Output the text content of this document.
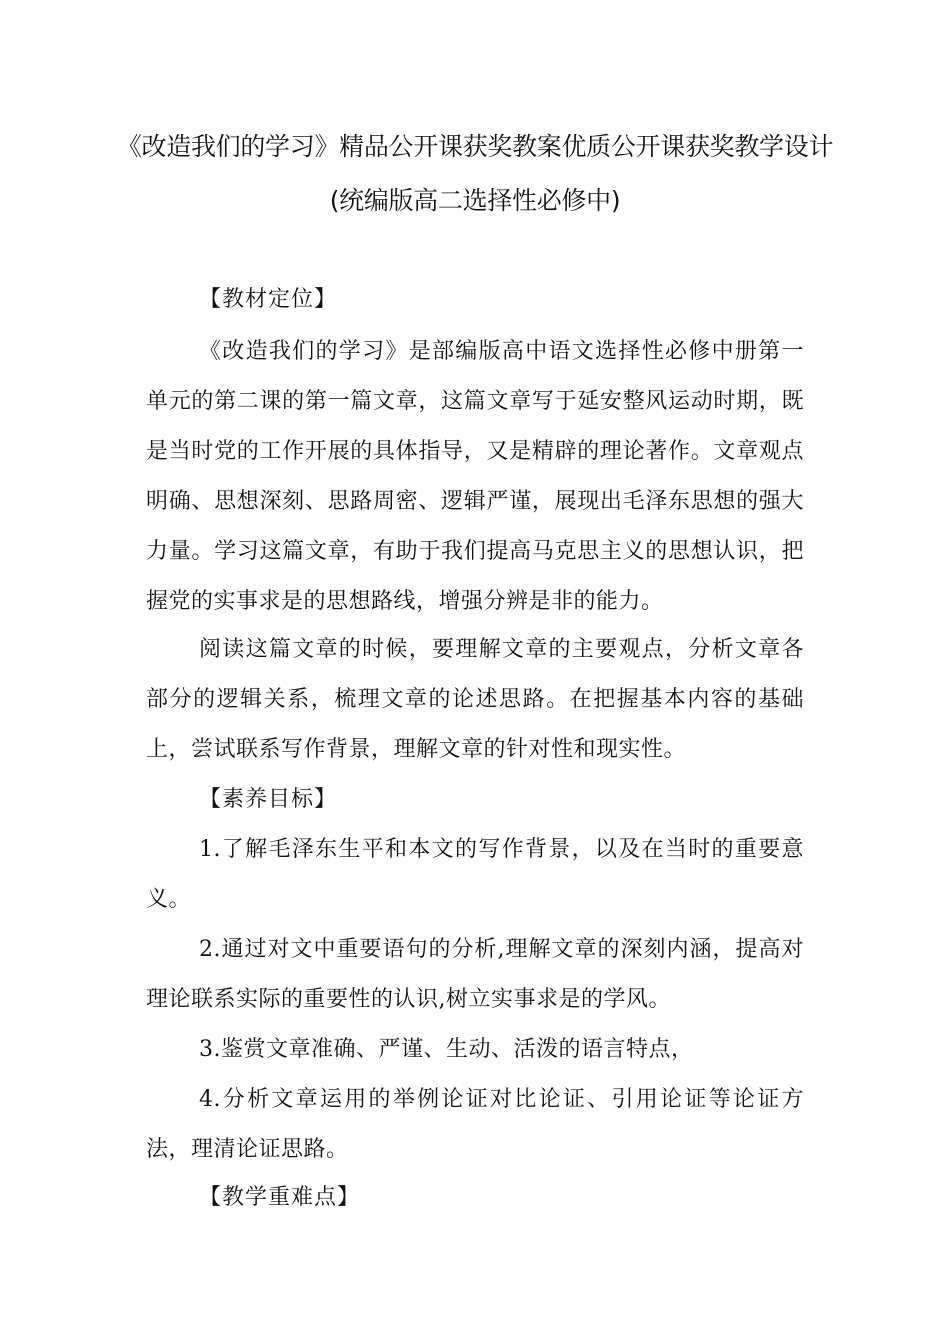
《改造我们的学习》精品公开课获奖教案优质公开课获奖教学设计
(统编版高二选择性必修中)
【教材定位】
《改造我们的学习》是部编版高中语文选择性必修中册第一单元的第二课的第一篇文章，这篇文章写于延安整风运动时期，既是当时党的工作开展的具体指导，又是精辟的理论著作。文章观点明确、思想深刻、思路周密、逻辑严谨，展现出毛泽东思想的强大力量。学习这篇文章，有助于我们提高马克思主义的思想认识，把握党的实事求是的思想路线，增强分辨是非的能力。
阅读这篇文章的时候，要理解文章的主要观点，分析文章各部分的逻辑关系，梳理文章的论述思路。在把握基本内容的基础上，尝试联系写作背景，理解文章的针对性和现实性。
【素养目标】
1.了解毛泽东生平和本文的写作背景，以及在当时的重要意义。
2.通过对文中重要语句的分析,理解文章的深刻内涵，提高对理论联系实际的重要性的认识,树立实事求是的学风。
3.鉴赏文章准确、严谨、生动、活泼的语言特点，
4.分析文章运用的举例论证对比论证、引用论证等论证方法，理清论证思路。
【教学重难点】
